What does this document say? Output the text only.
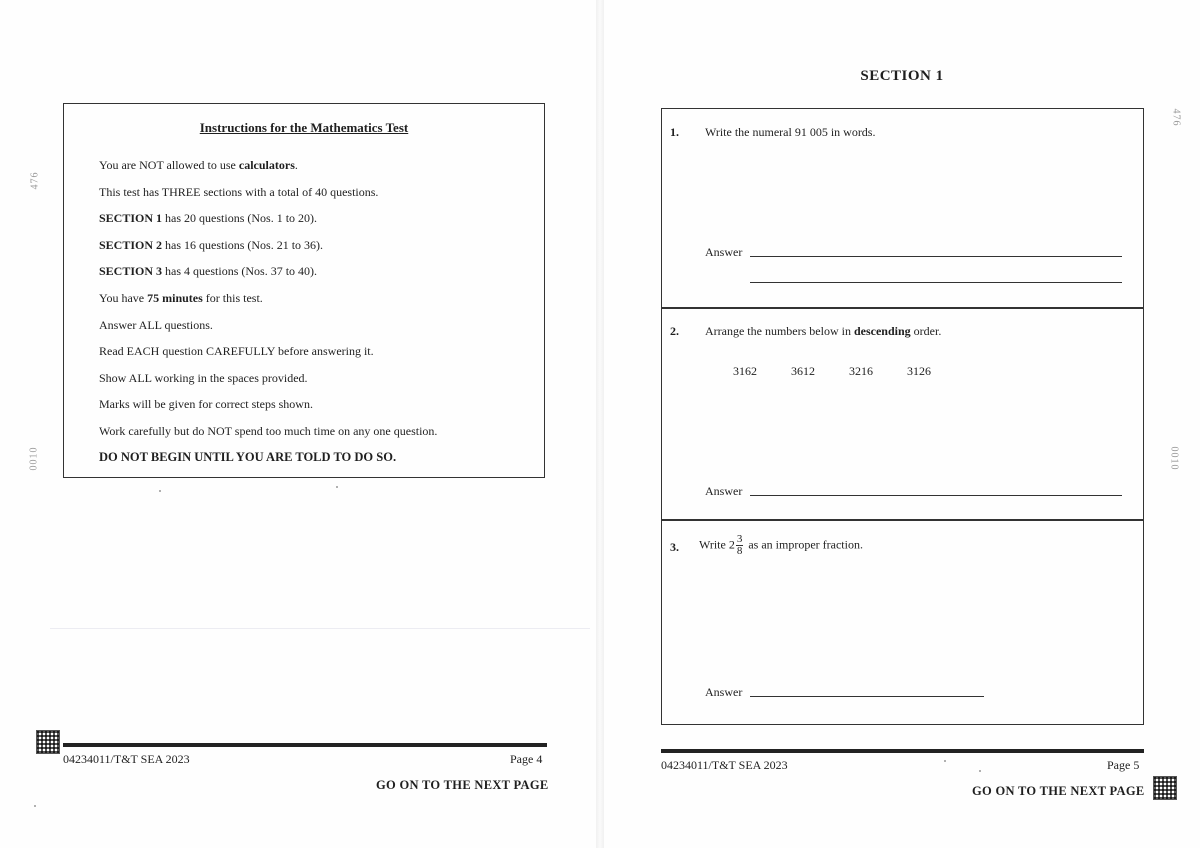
476
0010
Instructions for the Mathematics Test
You are NOT allowed to use calculators.
This test has THREE sections with a total of 40 questions.
SECTION 1 has 20 questions (Nos. 1 to 20).
SECTION 2 has 16 questions (Nos. 21 to 36).
SECTION 3 has 4 questions (Nos. 37 to 40).
You have 75 minutes for this test.
Answer ALL questions.
Read EACH question CAREFULLY before answering it.
Show ALL working in the spaces provided.
Marks will be given for correct steps shown.
Work carefully but do NOT spend too much time on any one question.
DO NOT BEGIN UNTIL YOU ARE TOLD TO DO SO.
04234011/T&T SEA 2023	Page 4
GO ON TO THE NEXT PAGE
476
0010
SECTION 1
1. Write the numeral 91 005 in words.
Answer
2. Arrange the numbers below in descending order.
3162	3612	3216	3126
Answer
3. Write $2 \frac{3}{8}$ as an improper fraction.
Answer
04234011/T&T SEA 2023	Page 5
GO ON TO THE NEXT PAGE
